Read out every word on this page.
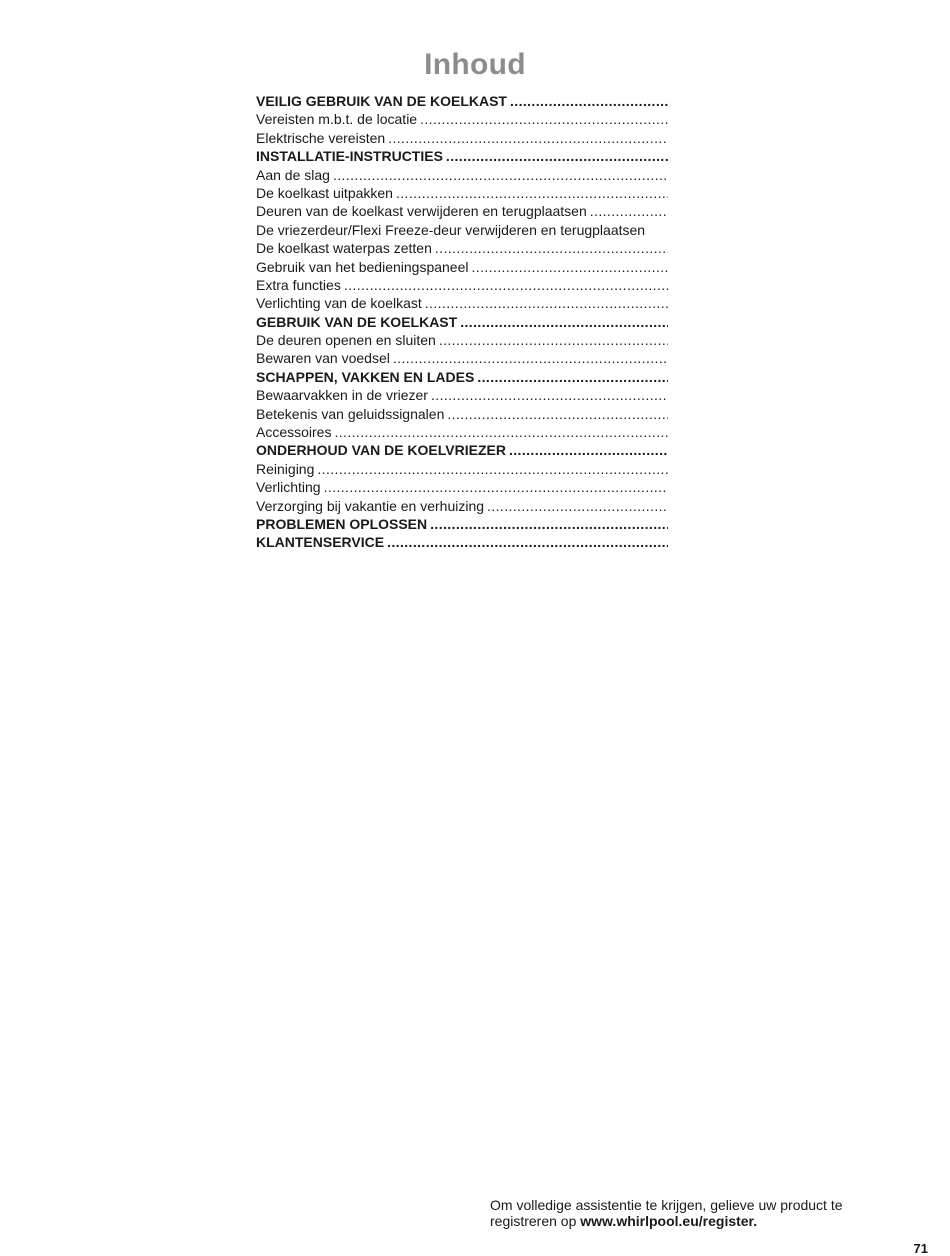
Inhoud
VEILIG GEBRUIK VAN DE KOELKAST
.....
Vereisten m.b.t. de locatie
.....
Elektrische vereisten
.....
INSTALLATIE-INSTRUCTIES
.....
Aan de slag
.....
De koelkast uitpakken
.....
Deuren van de koelkast verwijderen en terugplaatsen
.....
De vriezerdeur/Flexi Freeze-deur verwijderen en terugplaatsen
De koelkast waterpas zetten
.....
Gebruik van het bedieningspaneel
.....
Extra functies
.....
Verlichting van de koelkast
.....
GEBRUIK VAN DE KOELKAST
.....
De deuren openen en sluiten
.....
Bewaren van voedsel
.....
SCHAPPEN, VAKKEN EN LADES
.....
Bewaarvakken in de vriezer
.....
Betekenis van geluidssignalen
.....
Accessoires
.....
ONDERHOUD VAN DE KOELVRIEZER
.....
Reiniging
.....
Verlichting
.....
Verzorging bij vakantie en verhuizing
.....
PROBLEMEN OPLOSSEN
.....
KLANTENSERVICE
.....
Om volledige assistentie te krijgen, gelieve uw product te
registreren op www.whirlpool.eu/register.
71
